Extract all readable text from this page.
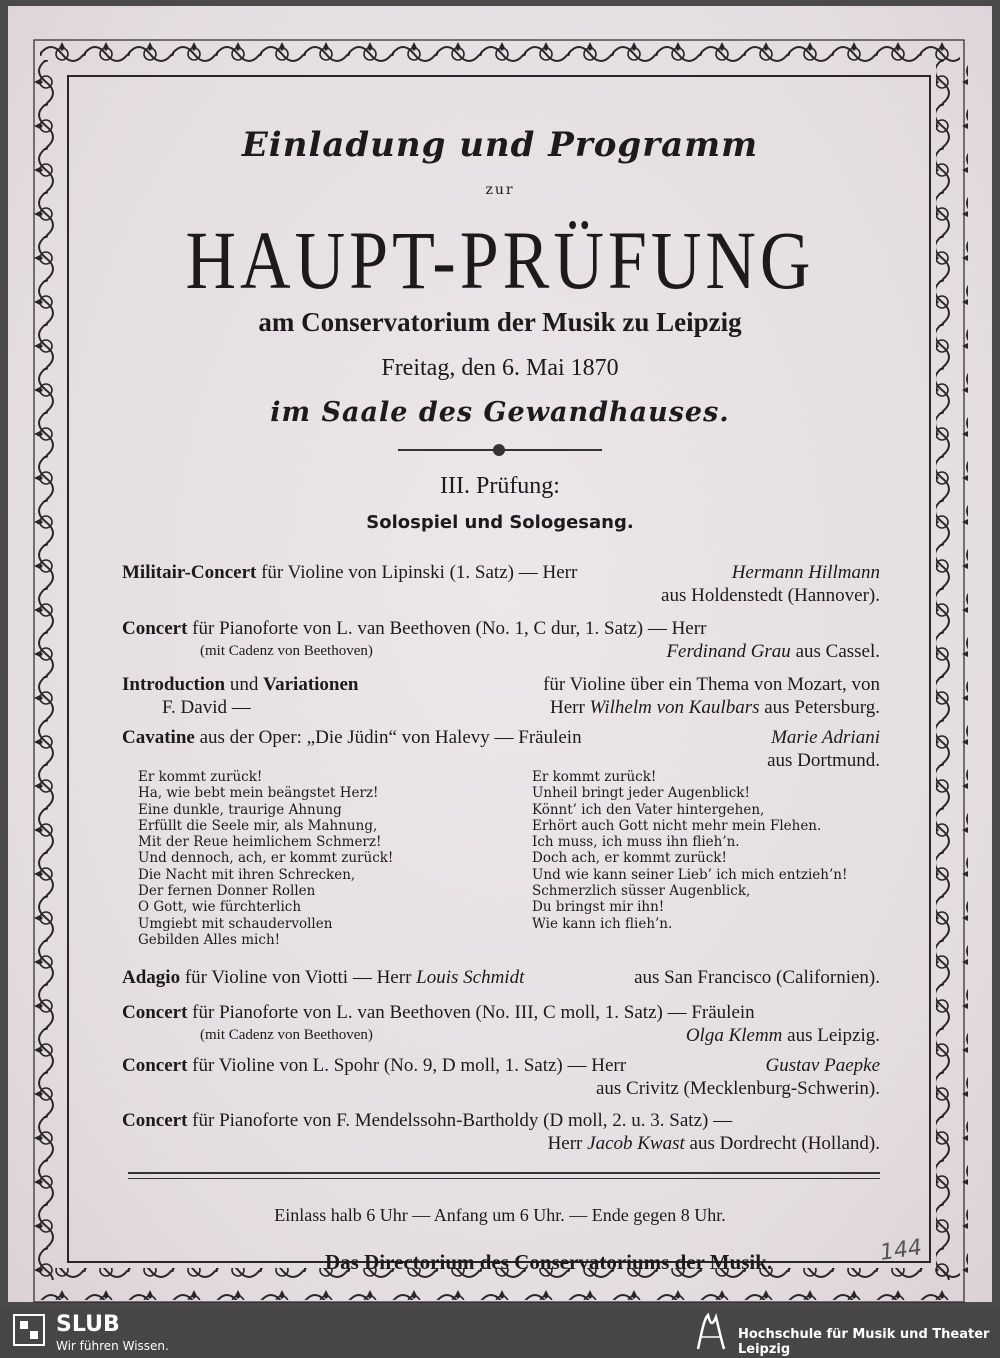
Einladung und Programm
zur
HAUPT-PRÜFUNG
am Conservatorium der Musik zu Leipzig
Freitag, den 6. Mai 1870
im Saale des Gewandhauses.
III. Prüfung:
Solospiel und Sologesang.
Militair-Concert für Violine von Lipinski (1. Satz) — Herr	Hermann Hillmann
aus Holdenstedt (Hannover).
Concert für Pianoforte von L. van Beethoven (No. 1, C dur, 1. Satz) — Herr
(mit Cadenz von Beethoven)	Ferdinand Grau aus Cassel.
Introduction und Variationen	für Violine über ein Thema von Mozart, von
F. David —	Herr Wilhelm von Kaulbars aus Petersburg.
Cavatine aus der Oper: „Die Jüdin“ von Halevy — Fräulein	Marie Adriani
aus Dortmund.
Er kommt zurück!
Ha, wie bebt mein beängstet Herz!
Eine dunkle, traurige Ahnung
Erfüllt die Seele mir, als Mahnung,
Mit der Reue heimlichem Schmerz!
Und dennoch, ach, er kommt zurück!
Die Nacht mit ihren Schrecken,
Der fernen Donner Rollen
O Gott, wie fürchterlich
Umgiebt mit schaudervollen
Gebilden Alles mich!
Er kommt zurück!
Unheil bringt jeder Augenblick!
Könnt’ ich den Vater hintergehen,
Erhört auch Gott nicht mehr mein Flehen.
Ich muss, ich muss ihn flieh’n.
Doch ach, er kommt zurück!
Und wie kann seiner Lieb’ ich mich entzieh’n!
Schmerzlich süsser Augenblick,
Du bringst mir ihn!
Wie kann ich flieh’n.
Adagio für Violine von Viotti — Herr Louis Schmidt	aus San Francisco (Californien).
Concert für Pianoforte von L. van Beethoven (No. III, C moll, 1. Satz) — Fräulein
(mit Cadenz von Beethoven)	Olga Klemm aus Leipzig.
Concert für Violine von L. Spohr (No. 9, D moll, 1. Satz) — Herr	Gustav Paepke
aus Crivitz (Mecklenburg-Schwerin).
Concert für Pianoforte von F. Mendelssohn-Bartholdy (D moll, 2. u. 3. Satz) —
Herr Jacob Kwast aus Dordrecht (Holland).
Einlass halb 6 Uhr — Anfang um 6 Uhr. — Ende gegen 8 Uhr.
Das Directorium des Conservatoriums der Musik.	144
SLUB
Wir führen Wissen.
Hochschule für Musik und Theater Leipzig
